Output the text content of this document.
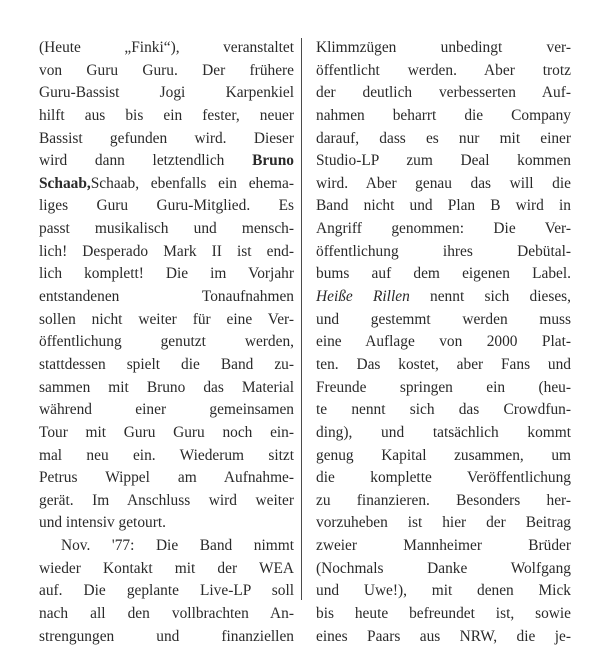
(Heute „Finki“), veranstaltet
von Guru Guru. Der frühere
Guru-Bassist Jogi Karpenkiel
hilft aus bis ein fester, neuer
Bassist gefunden wird. Dieser
wird dann letztendlich Bruno
Schaab,Schaab, ebenfalls ein ehema-
liges Guru Guru-Mitglied. Es
passt musikalisch und mensch-
lich! Desperado Mark II ist end-
lich komplett! Die im Vorjahr
entstandenen Tonaufnahmen
sollen nicht weiter für eine Ver-
öffentlichung genutzt werden,
stattdessen spielt die Band zu-
sammen mit Bruno das Material
während einer gemeinsamen
Tour mit Guru Guru noch ein-
mal neu ein. Wiederum sitzt
Petrus Wippel am Aufnahme-
gerät. Im Anschluss wird weiter
und intensiv getourt.
Nov. '77: Die Band nimmt
wieder Kontakt mit der WEA
auf. Die geplante Live-LP soll
nach all den vollbrachten An-
strengungen und finanziellen
Klimmzügen unbedingt ver-
öffentlicht werden. Aber trotz
der deutlich verbesserten Auf-
nahmen beharrt die Company
darauf, dass es nur mit einer
Studio-LP zum Deal kommen
wird. Aber genau das will die
Band nicht und Plan B wird in
Angriff genommen: Die Ver-
öffentlichung ihres Debütal-
bums auf dem eigenen Label.
Heiße Rillen nennt sich dieses,
und gestemmt werden muss
eine Auflage von 2000 Plat-
ten. Das kostet, aber Fans und
Freunde springen ein (heu-
te nennt sich das Crowdfun-
ding), und tatsächlich kommt
genug Kapital zusammen, um
die komplette Veröffentlichung
zu finanzieren. Besonders her-
vorzuheben ist hier der Beitrag
zweier Mannheimer Brüder
(Nochmals Danke Wolfgang
und Uwe!), mit denen Mick
bis heute befreundet ist, sowie
eines Paars aus NRW, die je-
